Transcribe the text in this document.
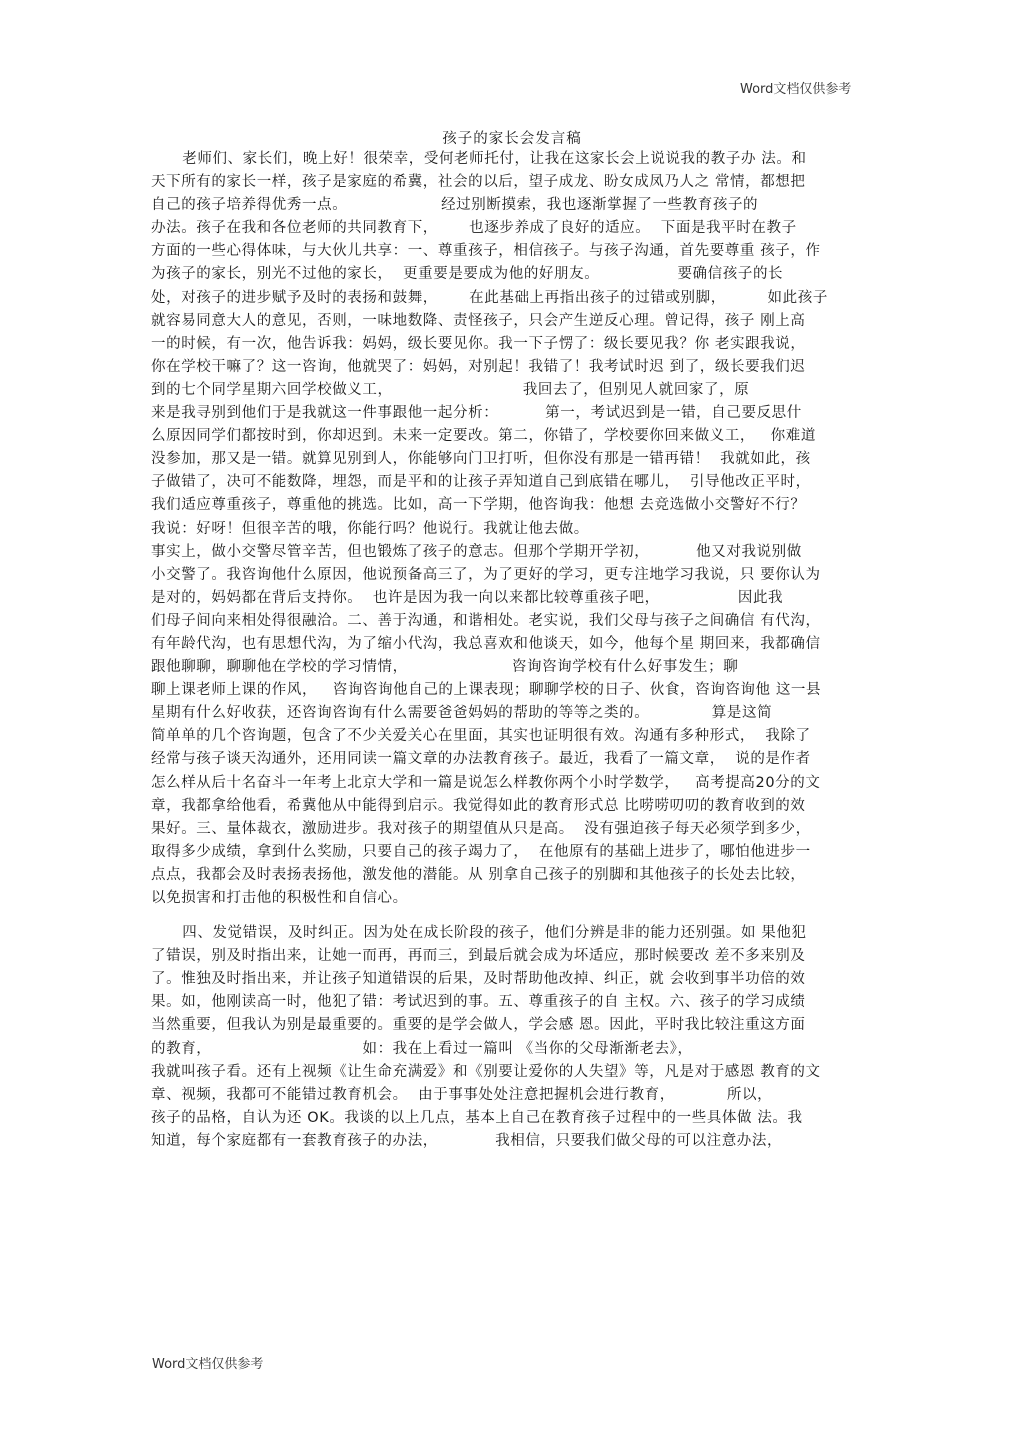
Word文档仅供参考
孩子的家长会发言稿
老师们、家长们，晚上好！很荣幸，受何老师托付，让我在这家长会上说说我的教子办 法。和
天下所有的家长一样，孩子是家庭的希冀，社会的以后，望子成龙、盼女成凤乃人之 常情，都想把
自己的孩子培养得优秀一点。                  经过别断摸索，我也逐渐掌握了一些教育孩子的
办法。孩子在我和各位老师的共同教育下，      也逐步养成了良好的适应。  下面是我平时在教子
方面的一些心得体味，与大伙儿共享：一、尊重孩子，相信孩子。与孩子沟通，首先要尊重 孩子，作
为孩子的家长，别光不过他的家长，  更重要是要成为他的好朋友。               要确信孩子的长
处，对孩子的进步赋予及时的表扬和鼓舞，      在此基础上再指出孩子的过错或别脚，        如此孩子
就容易同意大人的意见，否则，一味地数降、责怪孩子，只会产生逆反心理。曾记得，孩子 刚上高
一的时候，有一次，他告诉我：妈妈，级长要见你。我一下子愣了：级长要见我？你 老实跟我说，
你在学校干嘛了？这一咨询，他就哭了：妈妈，对别起！我错了！我考试时迟 到了，级长要我们迟
到的七个同学星期六回学校做义工，                         我回去了，但别见人就回家了，原
来是我寻别到他们于是我就这一件事跟他一起分析：         第一，考试迟到是一错，自己要反思什
么原因同学们都按时到，你却迟到。未来一定要改。第二，你错了，学校要你回来做义工，   你难道
没参加，那又是一错。就算见别到人，你能够向门卫打听，但你没有那是一错再错！  我就如此，孩
子做错了，决可不能数降，埋怨，而是平和的让孩子弄知道自己到底错在哪儿，  引导他改正平时，
我们适应尊重孩子，尊重他的挑选。比如，高一下学期，他咨询我：他想 去竞选做小交警好不行？
我说：好呀！但很辛苦的哦，你能行吗？他说行。我就让他去做。
事实上，做小交警尽管辛苦，但也锻炼了孩子的意志。但那个学期开学初，         他又对我说别做
小交警了。我咨询他什么原因，他说预备高三了，为了更好的学习，更专注地学习我说，只 要你认为
是对的，妈妈都在背后支持你。  也许是因为我一向以来都比较尊重孩子吧，               因此我
们母子间向来相处得很融洽。二、善于沟通，和谐相处。老实说，我们父母与孩子之间确信 有代沟，
有年龄代沟，也有思想代沟，为了缩小代沟，我总喜欢和他谈天，如今，他每个星 期回来，我都确信
跟他聊聊，聊聊他在学校的学习情情，                    咨询咨询学校有什么好事发生；聊
聊上课老师上课的作风，   咨询咨询他自己的上课表现；聊聊学校的日子、伙食，咨询咨询他 这一县
星期有什么好收获，还咨询咨询有什么需要爸爸妈妈的帮助的等等之类的。            算是这简
简单单的几个咨询题，包含了不少关爱关心在里面，其实也证明很有效。沟通有多种形式，  我除了
经常与孩子谈天沟通外，还用同读一篇文章的办法教育孩子。最近，我看了一篇文章，  说的是作者
怎么样从后十名奋斗一年考上北京大学和一篇是说怎么样教你两个小时学数学，   高考提高20分的文
章，我都拿给他看，希冀他从中能得到启示。我觉得如此的教育形式总 比唠唠叨叨的教育收到的效
果好。三、量体裁衣，激励进步。我对孩子的期望值从只是高。  没有强迫孩子每天必须学到多少，
取得多少成绩，拿到什么奖励，只要自己的孩子竭力了，  在他原有的基础上进步了，哪怕他进步一
点点，我都会及时表扬表扬他，激发他的潜能。从 别拿自己孩子的别脚和其他孩子的长处去比较，
以免损害和打击他的积极性和自信心。
四、发觉错误，及时纠正。因为处在成长阶段的孩子，他们分辨是非的能力还别强。如 果他犯
了错误，别及时指出来，让她一而再，再而三，到最后就会成为坏适应，那时候要改 差不多来别及
了。惟独及时指出来，并让孩子知道错误的后果，及时帮助他改掉、纠正，就 会收到事半功倍的效
果。如，他刚读高一时，他犯了错：考试迟到的事。五、尊重孩子的自 主权。六、孩子的学习成绩
当然重要，但我认为别是最重要的。重要的是学会做人，学会感 恩。因此，平时我比较注重这方面
的教育，                             如：我在上看过一篇叫 《当你的父母渐渐老去》，
我就叫孩子看。还有上视频《让生命充满爱》和《别要让爱你的人失望》等，凡是对于感恩 教育的文
章、视频，我都可不能错过教育机会。  由于事事处处注意把握机会进行教育，          所以，
孩子的品格，自认为还 OK。我谈的以上几点，基本上自己在教育孩子过程中的一些具体做 法。我
知道，每个家庭都有一套教育孩子的办法，           我相信，只要我们做父母的可以注意办法，
Word文档仅供参考
